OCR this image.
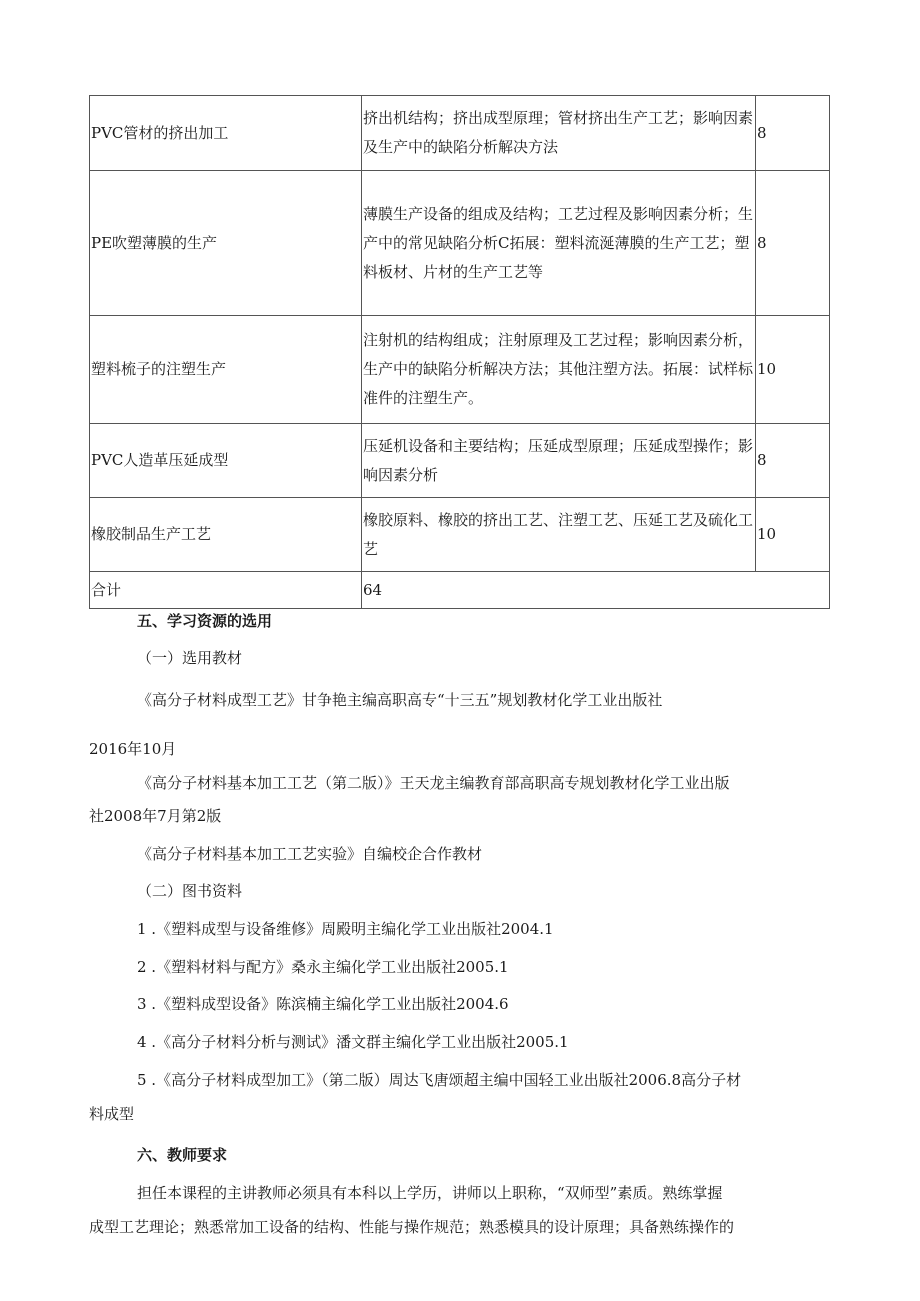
PVC管材的挤出加工	挤出机结构；挤出成型原理；管材挤出生产工艺；影响因素及生产中的缺陷分析解决方法	8
PE吹塑薄膜的生产	薄膜生产设备的组成及结构；工艺过程及影响因素分析；生产中的常见缺陷分析C拓展：塑料流涎薄膜的生产工艺；塑料板材、片材的生产工艺等	8
塑料梳子的注塑生产	注射机的结构组成；注射原理及工艺过程；影响因素分析，生产中的缺陷分析解决方法；其他注塑方法。拓展：试样标准件的注塑生产。	10
PVC人造革压延成型	压延机设备和主要结构；压延成型原理；压延成型操作；影响因素分析	8
橡胶制品生产工艺	橡胶原料、橡胶的挤出工艺、注塑工艺、压延工艺及硫化工艺	10
合计	64	
五、学习资源的选用
（一）选用教材
《高分子材料成型工艺》甘争艳主编高职高专“十三五”规划教材化学工业出版社
2016年10月
《高分子材料基本加工工艺（第二版）》王天龙主编教育部高职高专规划教材化学工业出版
社2008年7月第2版
《高分子材料基本加工工艺实验》自编校企合作教材
（二）图书资料
1 .《塑料成型与设备维修》周殿明主编化学工业出版社2004.1
2 .《塑料材料与配方》桑永主编化学工业出版社2005.1
3 .《塑料成型设备》陈滨楠主编化学工业出版社2004.6
4 .《高分子材料分析与测试》潘文群主编化学工业出版社2005.1
5 .《高分子材料成型加工》（第二版）周达飞唐颂超主编中国轻工业出版社2006.8高分子材
料成型
六、教师要求
担任本课程的主讲教师必须具有本科以上学历，讲师以上职称，“双师型”素质。熟练掌握
成型工艺理论；熟悉常加工设备的结构、性能与操作规范；熟悉模具的设计原理；具备熟练操作的
